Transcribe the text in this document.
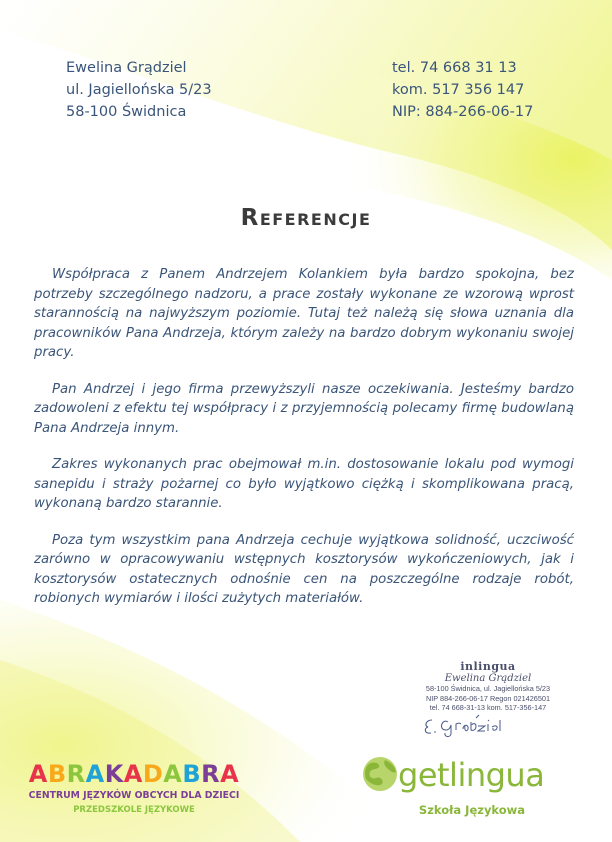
Ewelina Grądziel
ul. Jagiellońska 5/23
58-100 Świdnica
tel. 74 668 31 13
kom. 517 356 147
NIP: 884-266-06-17
Referencje

Współpraca z Panem Andrzejem Kolankiem była bardzo spokojna, bez potrzeby szczególnego nadzoru, a prace zostały wykonane ze wzorową wprost starannością na najwyższym poziomie. Tutaj też należą się słowa uznania dla pracowników Pana Andrzeja, którym zależy na bardzo dobrym wykonaniu swojej pracy.

Pan Andrzej i jego firma przewyższyli nasze oczekiwania. Jesteśmy bardzo zadowoleni z efektu tej współpracy i z przyjemnością polecamy firmę budowlaną Pana Andrzeja innym.

Zakres wykonanych prac obejmował m.in. dostosowanie lokalu pod wymogi sanepidu i straży pożarnej co było wyjątkowo ciężką i skomplikowana pracą, wykonaną bardzo starannie.

Poza tym wszystkim pana Andrzeja cechuje wyjątkowa solidność, uczciwość zarówno w opracowywaniu wstępnych kosztorysów wykończeniowych, jak i kosztorysów ostatecznych odnośnie cen na poszczególne rodzaje robót, robionych wymiarów i ilości zużytych materiałów.

inlingua
Ewelina Grądziel
58-100 Świdnica, ul. Jagiellońska 5/23
NIP 884-266-06-17 Regon 021426501
tel. 74 668-31-13 kom. 517-356-147
ABRAKADABRA
CENTRUM JĘZYKÓW OBCYCH DLA DZIECI
PRZEDSZKOLE JĘZYKOWE
getlingua
Szkoła Językowa
